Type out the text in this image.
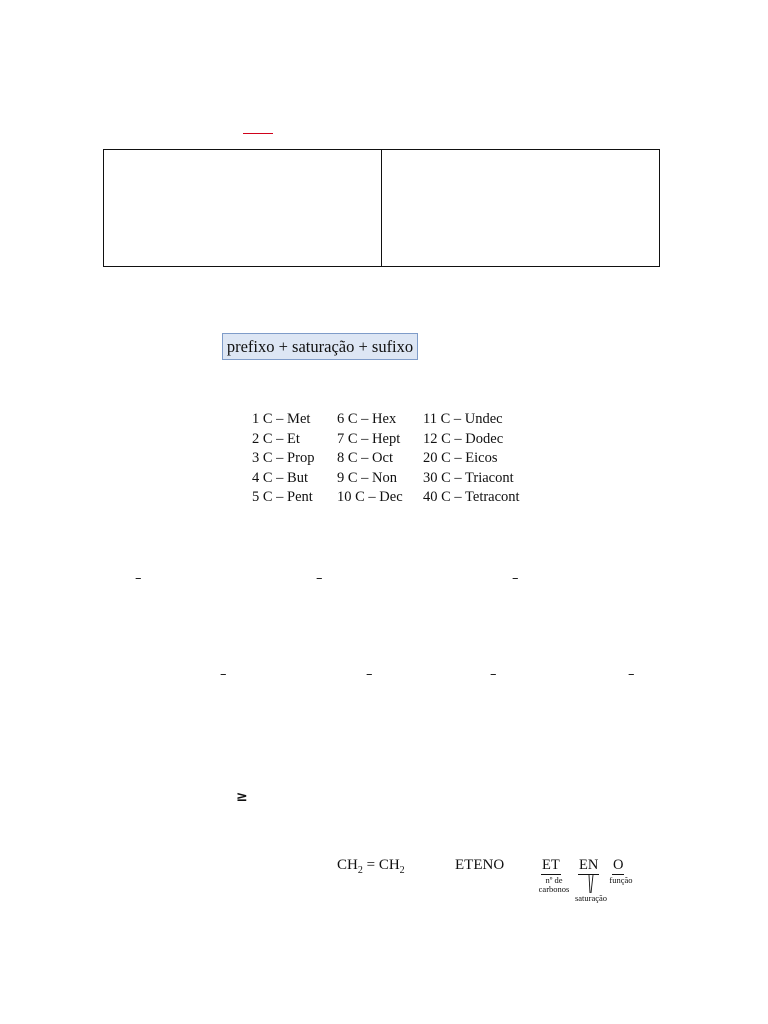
prefixo + saturação + sufixo
1 C – Met	6 C – Hex	11 C – Undec
2 C – Et	7 C – Hept	12 C – Dodec
3 C – Prop	8 C – Oct	20 C – Eicos
4 C – But	9 C – Non	30 C – Triacont
5 C – Pent	10 C – Dec	40 C – Tetracont
–	–	–
–	–	–	–
≥
$CH_2 = CH_2$	ETENO	ET EN O
nº de
carbonos
saturação
função
